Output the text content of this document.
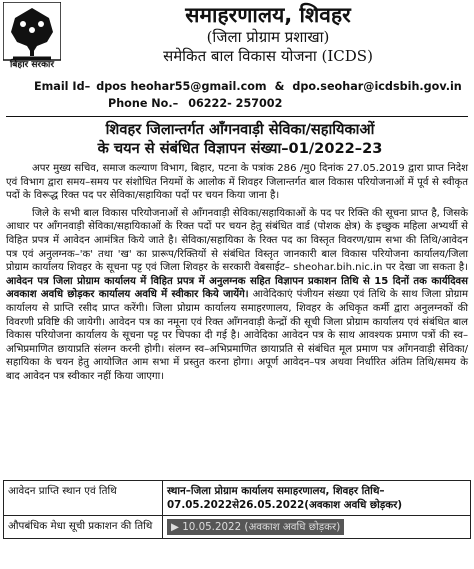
बिहार सरकार

समाहरणालय, शिवहर

(जिला प्रोग्राम प्रशाखा)

समेकित बाल विकास योजना (ICDS)

Email Id– dpos heohar55@gmail.com & dpo.seohar@icdsbih.gov.in
Phone No.– 06222- 257002
शिवहर जिलान्तर्गत आँगनवाड़ी सेविका/सहायिकाओं
के चयन से संबंधित विज्ञापन संख्या–01/2022–23

अपर मुख्य सचिव, समाज कल्याण विभाग, बिहार, पटना के पत्रांक 286 /मु0 दिनांक 27.05.2019 द्वारा प्राप्त निदेश एवं विभाग द्वारा समय–समय पर संशोधित नियमों के आलोक में शिवहर जिलान्तर्गत बाल विकास परियोजनाओं में पूर्व से स्वीकृत पदों के विरूद्ध रिक्त पद पर सेविका/सहायिका पदों पर चयन किया जाना है।

जिले के सभी बाल विकास परियोजनाओं से आँगनवाड़ी सेविका/सहायिकाओं के पद पर रिक्ति की सूचना प्राप्त है, जिसके आधार पर आँगनवाड़ी सेविका/सहायिकाओं के रिक्त पदों पर चयन हेतु संबंधित वार्ड (पोशक क्षेत्र) के इच्छुक महिला अभ्यर्थी से विहित प्रपत्र में आवेदन आमंत्रित किये जाते है। सेविका/सहायिका के रिक्त पद का विस्तृत विवरण/ग्राम सभा की तिथि/आवेदन पत्र एवं अनुलग्नक–'क' तथा 'ख' का प्रारूप/रिक्तियों से संबंधित विस्तृत जानकारी बाल विकास परियोजना कार्यालय/जिला प्रोग्राम कार्यालय शिवहर के सूचना पट्ट एवं जिला शिवहर के सरकारी वेबसाईट– sheohar.bih.nic.in पर देखा जा सकता है। आवेदन पत्र जिला प्रोग्राम कार्यालय में विहित प्रपत्र में अनुलग्नक सहित विज्ञापन प्रकाशन तिथि से 15 दिनों तक कार्यदिवस अवकाश अवधि छोड़कर कार्यालय अवधि में स्वीकार किये जायेंगे। आवेदिकाएं पंजीयन संख्या एवं तिथि के साथ जिला प्रोग्राम कार्यालय से प्राप्ति रसीद प्राप्त करेंगी। जिला प्रोग्राम कार्यालय समाहरणालय, शिवहर के अधिकृत कर्मी द्वारा अनुलग्नकों की विवरणी प्रविष्टि की जायेगी। आवेदन पत्र का नमूना एवं रिक्त आँगनवाड़ी केन्द्रों की सूची जिला प्रोग्राम कार्यालय एवं संबंधित बाल विकास परियोजना कार्यालय के सूचना पट्ट पर चिपका दी गई है। आवेदिका आवेदन पत्र के साथ आवश्यक प्रमाण पत्रों की स्व–अभिप्रमाणित छायाप्रति संलग्न करनी होगी। संलग्न स्व–अभिप्रमाणित छायाप्रति से संबंधित मूल प्रमाण पत्र आँगनवाड़ी सेविका/सहायिका के चयन हेतु आयोजित आम सभा में प्रस्तुत करना होगा। अपूर्ण आवेदन–पत्र अथवा निर्धारित अंतिम तिथि/समय के बाद आवेदन पत्र स्वीकार नहीं किया जाएगा।

आवेदन प्राप्ति स्थान एवं तिथि	स्थान–जिला प्रोग्राम कार्यालय समाहरणालय, शिवहर तिथि–07.05.2022से26.05.2022(अवकाश अवधि छोड़कर)
औपबंधिक मेधा सूची प्रकाशन की तिथि	▶ 10.05.2022 (अवकाश अवधि छोड़कर)
